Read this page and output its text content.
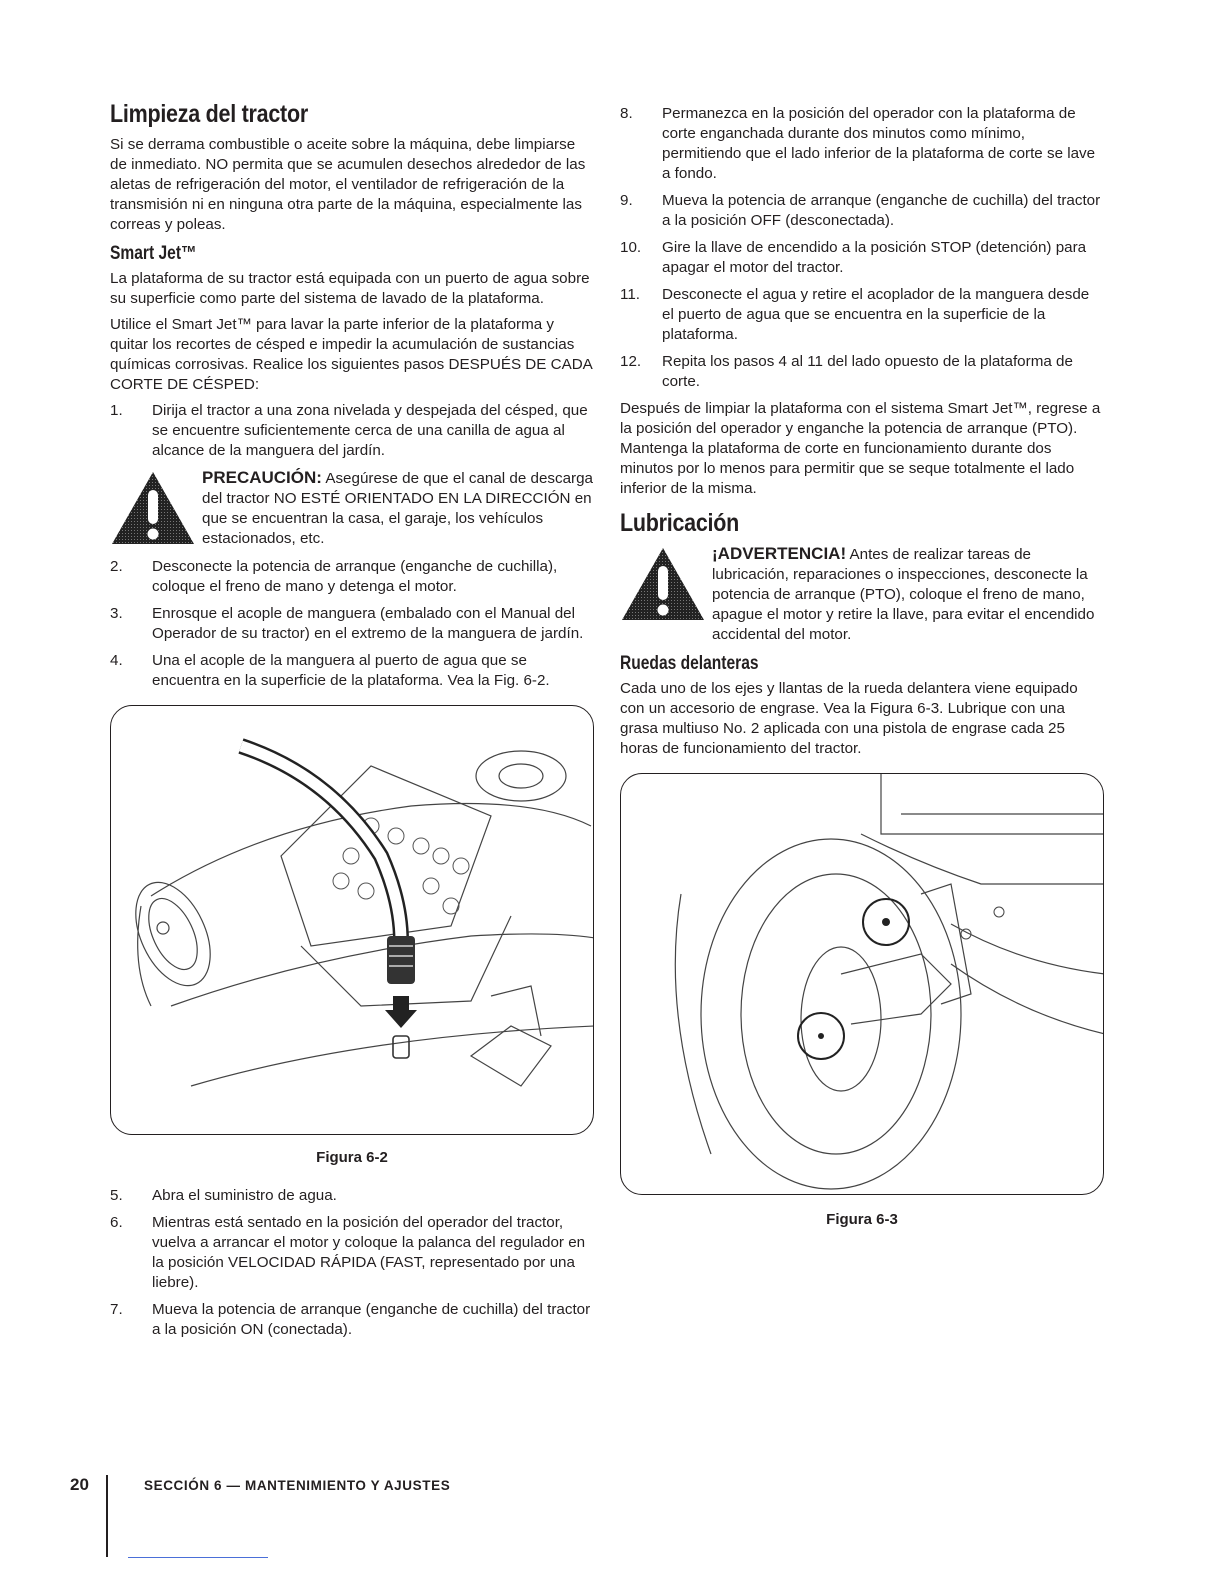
Limpieza del tractor

Si se derrama combustible o aceite sobre la máquina, debe limpiarse de inmediato. NO permita que se acumulen desechos alrededor de las aletas de refrigeración del motor, el ventilador de refrigeración de la transmisión ni en ninguna otra parte de la máquina, especialmente las correas y poleas.

Smart Jet™

La plataforma de su tractor está equipada con un puerto de agua sobre su superficie como parte del sistema de lavado de la plataforma.

Utilice el Smart Jet™ para lavar la parte inferior de la plataforma y quitar los recortes de césped e impedir la acumulación de sustancias químicas corrosivas. Realice los siguientes pasos DESPUÉS DE CADA CORTE DE CÉSPED:

1.	Dirija el tractor a una zona nivelada y despejada del césped, que se encuentre suficientemente cerca de una canilla de agua al alcance de la manguera del jardín.
PRECAUCIÓN: Asegúrese de que el canal de descarga del tractor NO ESTÉ ORIENTADO EN LA DIRECCIÓN en que se encuentran la casa, el garaje, los vehículos estacionados, etc.
2.	Desconecte la potencia de arranque (enganche de cuchilla), coloque el freno de mano y detenga el motor.
3.	Enrosque el acople de manguera (embalado con el Manual del Operador de su tractor) en el extremo de la manguera de jardín.
4.	Una el acople de la manguera al puerto de agua que se encuentra en la superficie de la plataforma. Vea la Fig. 6-2.
Figura 6-2
5.	Abra el suministro de agua.
6.	Mientras está sentado en la posición del operador del tractor, vuelva a arrancar el motor y coloque la palanca del regulador en la posición VELOCIDAD RÁPIDA (FAST, representado por una liebre).
7.	Mueva la potencia de arranque (enganche de cuchilla) del tractor a la posición ON (conectada).
8.	Permanezca en la posición del operador con la plataforma de corte enganchada durante dos minutos como mínimo, permitiendo que el lado inferior de la plataforma de corte se lave a fondo.
9.	Mueva la potencia de arranque (enganche de cuchilla) del tractor a la posición OFF (desconectada).
10.	Gire la llave de encendido a la posición STOP (detención) para apagar el motor del tractor.
11.	Desconecte el agua y retire el acoplador de la manguera desde el puerto de agua que se encuentra en la superficie de la plataforma.
12.	Repita los pasos 4 al 11 del lado opuesto de la plataforma de corte.

Después de limpiar la plataforma con el sistema Smart Jet™, regrese a la posición del operador y enganche la potencia de arranque (PTO). Mantenga la plataforma de corte en funcionamiento durante dos minutos por lo menos para permitir que se seque totalmente el lado inferior de la misma.

Lubricación
¡ADVERTENCIA! Antes de realizar tareas de lubricación, reparaciones o inspecciones, desconecte la potencia de arranque (PTO), coloque el freno de mano, apague el motor y retire la llave, para evitar el encendido accidental del motor.
Ruedas delanteras

Cada uno de los ejes y llantas de la rueda delantera viene equipado con un accesorio de engrase. Vea la Figura 6-3. Lubrique con una grasa multiuso No. 2 aplicada con una pistola de engrase cada 25 horas de funcionamiento del tractor.

Figura 6-3
20	SECCIÓN 6 — MANTENIMIENTO Y AJUSTES
